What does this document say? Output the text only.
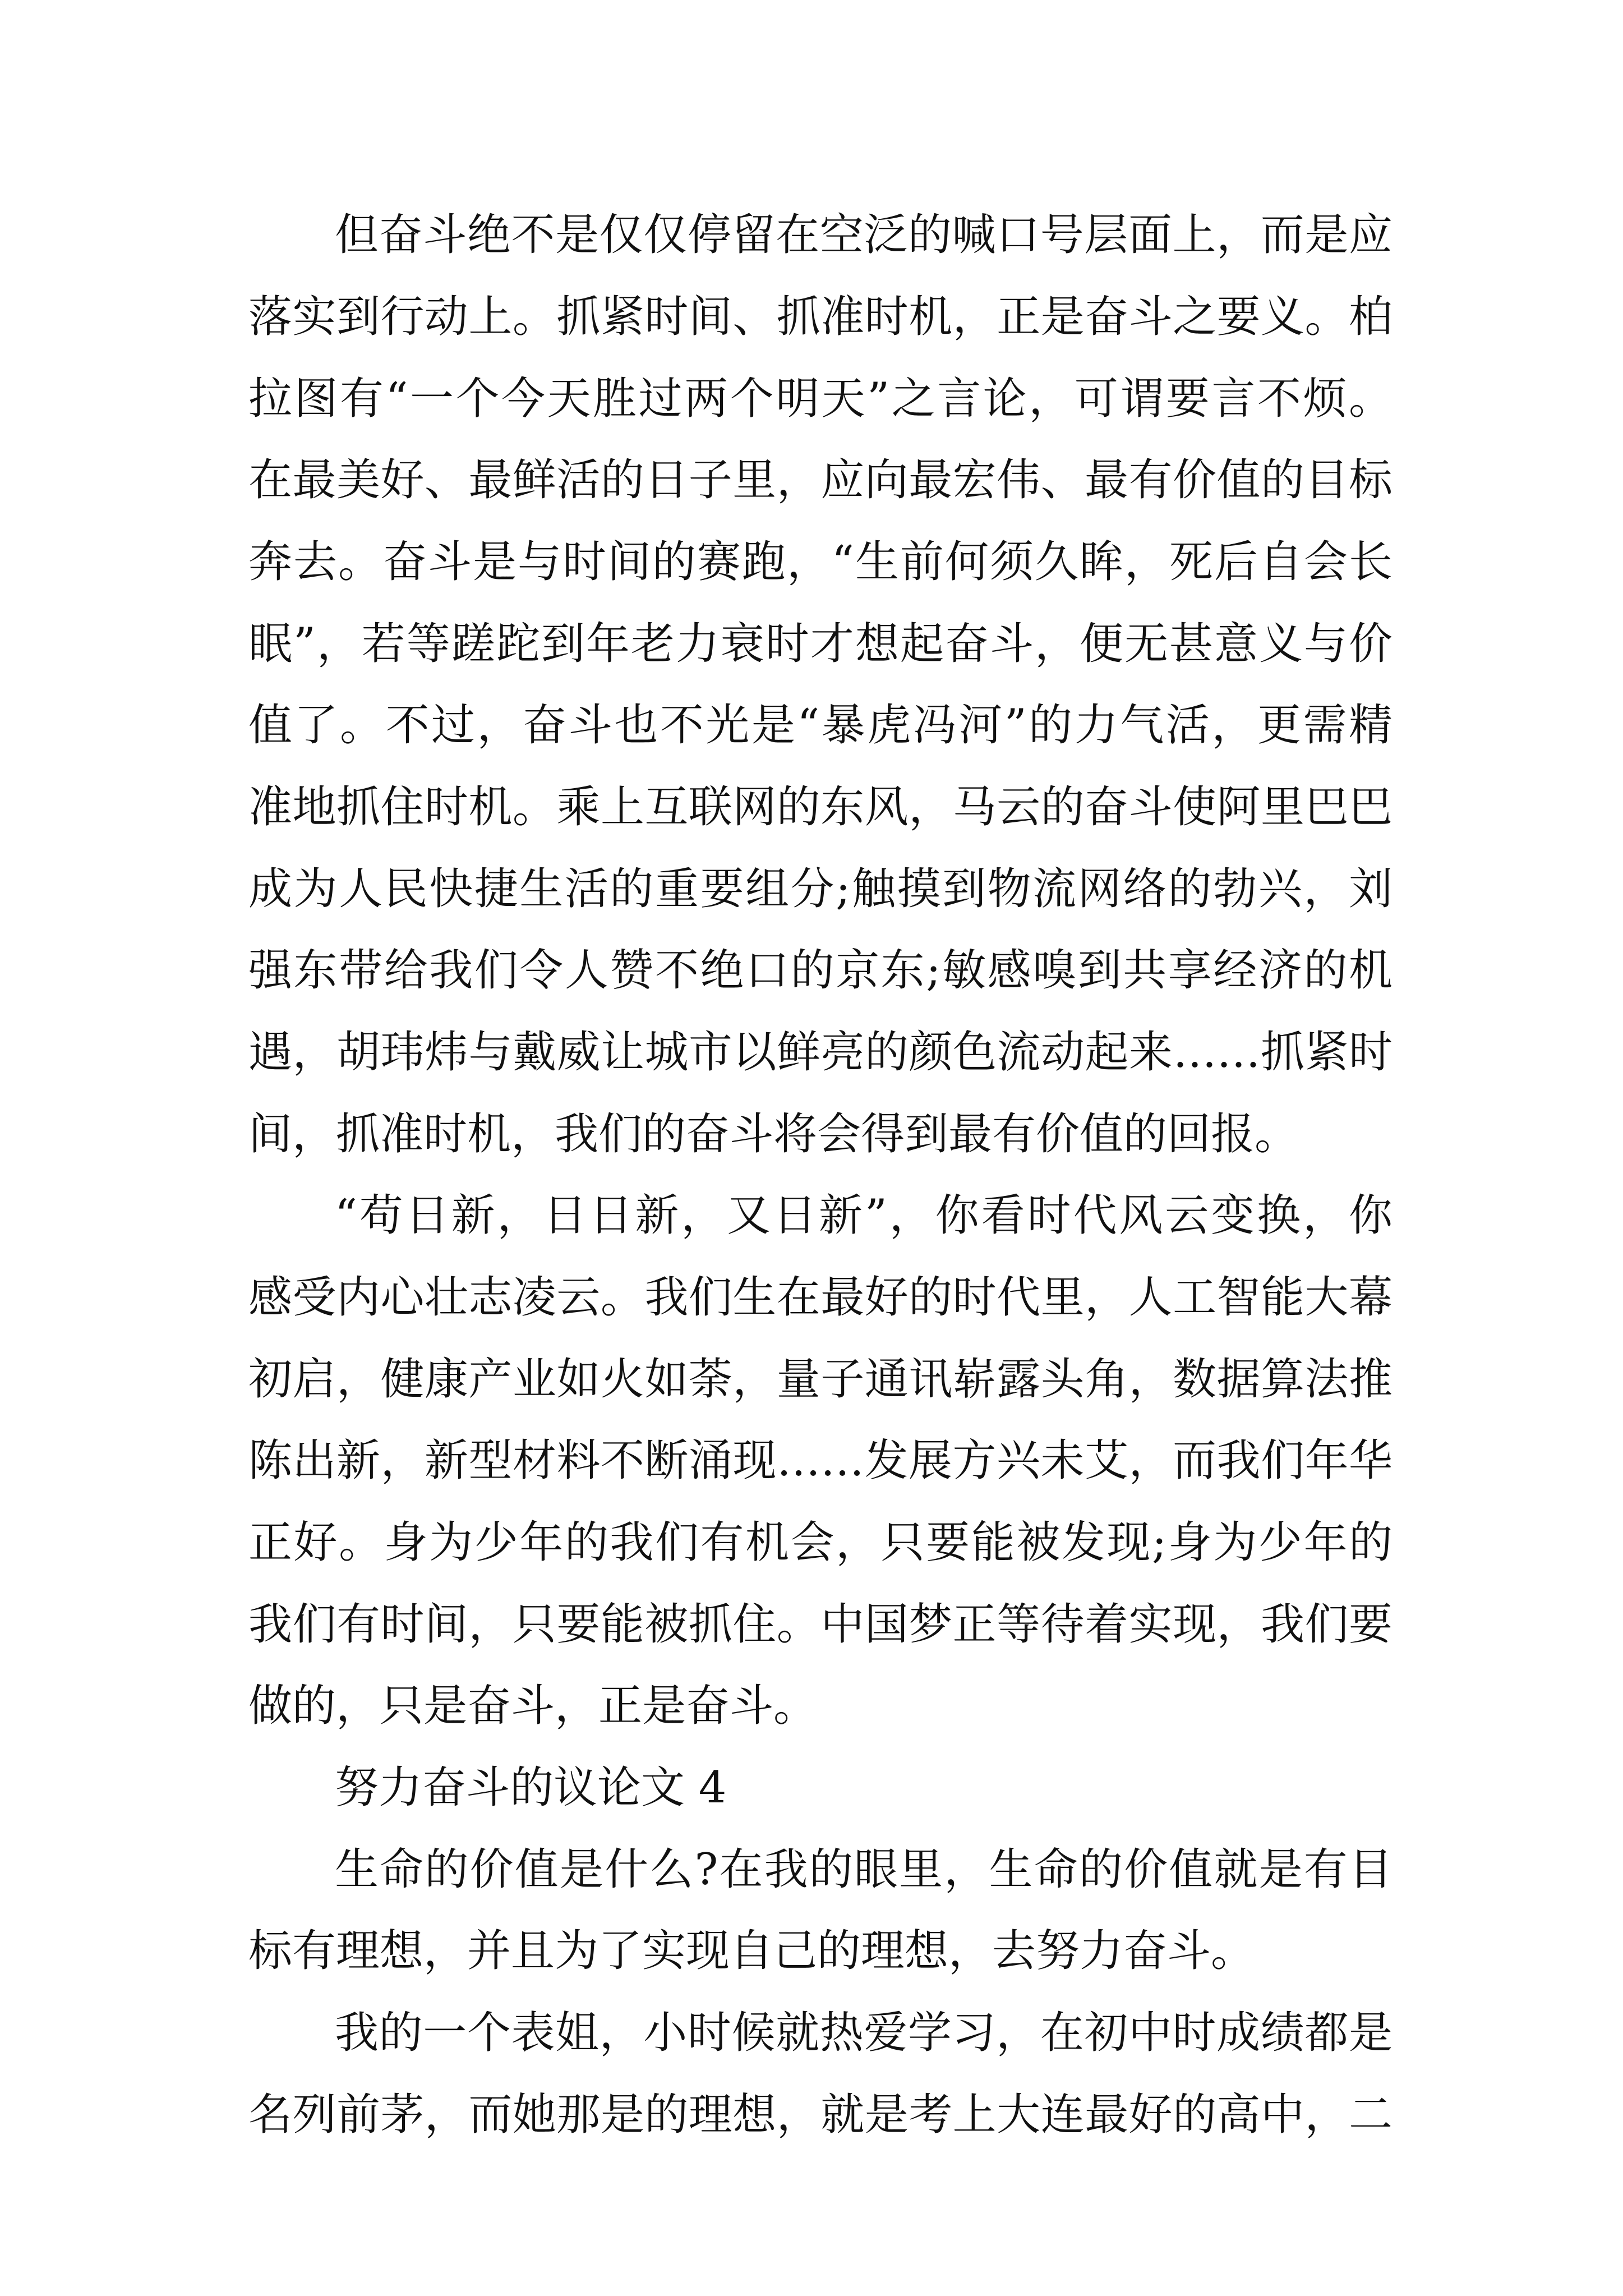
但奋斗绝不是仅仅停留在空泛的喊口号层面上，而是应
落实到行动上。抓紧时间、抓准时机，正是奋斗之要义。柏
拉图有“一个今天胜过两个明天”之言论，可谓要言不烦。
在最美好、最鲜活的日子里，应向最宏伟、最有价值的目标
奔去。奋斗是与时间的赛跑，“生前何须久眸，死后自会长
眠”，若等蹉跎到年老力衰时才想起奋斗，便无甚意义与价
值了。不过，奋斗也不光是“暴虎冯河”的力气活，更需精
准地抓住时机。乘上互联网的东风，马云的奋斗使阿里巴巴
成为人民快捷生活的重要组分;触摸到物流网络的勃兴，刘
强东带给我们令人赞不绝口的京东;敏感嗅到共享经济的机
遇，胡玮炜与戴威让城市以鲜亮的颜色流动起来……抓紧时
间，抓准时机，我们的奋斗将会得到最有价值的回报。
“苟日新，日日新，又日新”，你看时代风云变换，你
感受内心壮志凌云。我们生在最好的时代里，人工智能大幕
初启，健康产业如火如荼，量子通讯崭露头角，数据算法推
陈出新，新型材料不断涌现……发展方兴未艾，而我们年华
正好。身为少年的我们有机会，只要能被发现;身为少年的
我们有时间，只要能被抓住。中国梦正等待着实现，我们要
做的，只是奋斗，正是奋斗。
努力奋斗的议论文 4
生命的价值是什么?在我的眼里，生命的价值就是有目
标有理想，并且为了实现自己的理想，去努力奋斗。
我的一个表姐，小时候就热爱学习，在初中时成绩都是
名列前茅，而她那是的理想，就是考上大连最好的高中，二
